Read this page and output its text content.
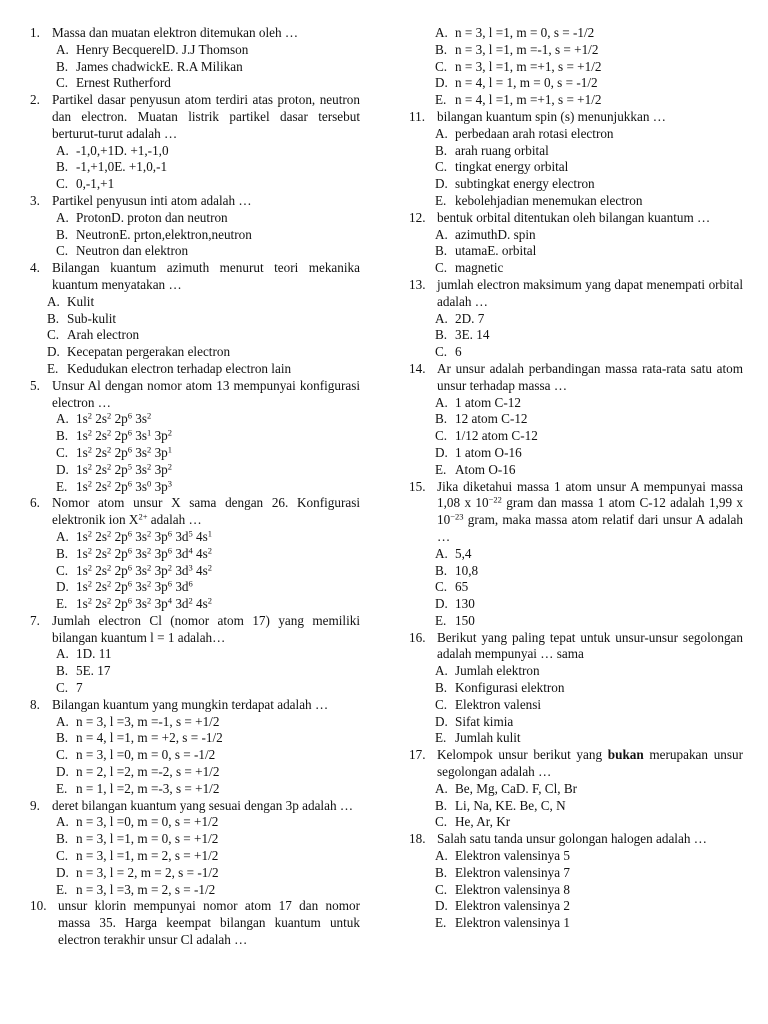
1. Massa dan muatan elektron ditemukan oleh …
A. Henry Becquerel D. J.J Thomson
B. James chadwick E. R.A Milikan
C. Ernest Rutherford
2. Partikel dasar penyusun atom terdiri atas proton, neutron dan electron. Muatan listrik partikel dasar tersebut berturut-turut adalah …
A. -1,0,+1 D. +1,-1,0
B. -1,+1,0 E. +1,0,-1
C. 0,-1,+1
3. Partikel penyusun inti atom adalah …
A. Proton D. proton dan neutron
B. Neutron E. prton,elektron,neutron
C. Neutron dan elektron
4. Bilangan kuantum azimuth menurut teori mekanika kuantum menyatakan …
A. Kulit
B. Sub-kulit
C. Arah electron
D. Kecepatan pergerakan electron
E. Kedudukan electron terhadap electron lain
5. Unsur Al dengan nomor atom 13 mempunyai konfigurasi electron …
A. $1s^2$ $2s^2$ $2p^6$ $3s^2$
B. $1s^2$ $2s^2$ $2p^6$ $3s^1$ $3p^2$
C. $1s^2$ $2s^2$ $2p^6$ $3s^2$ $3p^1$
D. $1s^2$ $2s^2$ $2p^5$ $3s^2$ $3p^2$
E. $1s^2$ $2s^2$ $2p^6$ $3s^0$ $3p^3$
6. Nomor atom unsur X sama dengan 26. Konfigurasi elektronik ion $X^{2+}$ adalah …
A. $1s^2$ $2s^2$ $2p^6$ $3s^2$ $3p^6$ $3d^5$ $4s^1$
B. $1s^2$ $2s^2$ $2p^6$ $3s^2$ $3p^6$ $3d^4$ $4s^2$
C. $1s^2$ $2s^2$ $2p^6$ $3s^2$ $3p^2$ $3d^3$ $4s^2$
D. $1s^2$ $2s^2$ $2p^6$ $3s^2$ $3p^6$ $3d^6$
E. $1s^2$ $2s^2$ $2p^6$ $3s^2$ $3p^4$ $3d^2$ $4s^2$
7. Jumlah electron Cl (nomor atom 17) yang memiliki bilangan kuantum l = 1 adalah…
A. 1 D. 11
B. 5 E. 17
C. 7
8. Bilangan kuantum yang mungkin terdapat adalah …
A. n = 3, l =3, m =-1, s = +1/2
B. n = 4, l =1, m = +2, s = -1/2
C. n = 3, l =0, m = 0, s = -1/2
D. n = 2, l =2, m =-2, s = +1/2
E. n = 1, l =2, m =-3, s = +1/2
9. deret bilangan kuantum yang sesuai dengan 3p adalah …
A. n = 3, l =0, m = 0, s = +1/2
B. n = 3, l =1, m = 0, s = +1/2
C. n = 3, l =1, m = 2, s = +1/2
D. n = 3, l = 2, m = 2, s = -1/2
E. n = 3, l =3, m = 2, s = -1/2
10. unsur klorin mempunyai nomor atom 17 dan nomor massa 35. Harga keempat bilangan kuantum untuk electron terakhir unsur Cl adalah …
A. n = 3, l =1, m = 0, s = -1/2
B. n = 3, l =1, m =-1, s = +1/2
C. n = 3, l =1, m =+1, s = +1/2
D. n = 4, l = 1, m = 0, s = -1/2
E. n = 4, l =1, m =+1, s = +1/2
11. bilangan kuantum spin (s) menunjukkan …
A. perbedaan arah rotasi electron
B. arah ruang orbital
C. tingkat energy orbital
D. subtingkat energy electron
E. kebolehjadian menemukan electron
12. bentuk orbital ditentukan oleh bilangan kuantum …
A. azimuth D. spin
B. utama E. orbital
C. magnetic
13. jumlah electron maksimum yang dapat menempati orbital adalah …
A. 2 D. 7
B. 3 E. 14
C. 6
14. Ar unsur adalah perbandingan massa rata-rata satu atom unsur terhadap massa …
A. 1 atom C-12
B. 12 atom C-12
C. 1/12 atom C-12
D. 1 atom O-16
E. Atom O-16
15. Jika diketahui massa 1 atom unsur A mempunyai massa 1,08 x $10^{-22}$ gram dan massa 1 atom C-12 adalah 1,99 x $10^{-23}$ gram, maka massa atom relatif dari unsur A adalah …
A. 5,4
B. 10,8
C. 65
D. 130
E. 150
16. Berikut yang paling tepat untuk unsur-unsur segolongan adalah mempunyai … sama
A. Jumlah elektron
B. Konfigurasi elektron
C. Elektron valensi
D. Sifat kimia
E. Jumlah kulit
17. Kelompok unsur berikut yang bukan merupakan unsur segolongan adalah …
A. Be, Mg, Ca D. F, Cl, Br
B. Li, Na, K E. Be, C, N
C. He, Ar, Kr
18. Salah satu tanda unsur golongan halogen adalah …
A. Elektron valensinya 5
B. Elektron valensinya 7
C. Elektron valensinya 8
D. Elektron valensinya 2
E. Elektron valensinya 1
